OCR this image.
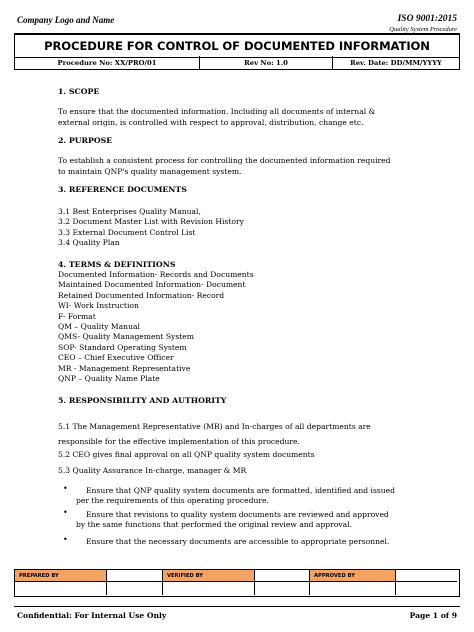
Company Logo and Name	ISO 9001:2015
Quality System Procedure
PROCEDURE FOR CONTROL OF DOCUMENTED INFORMATION
Procedure No: XX/PRO/01	Rev No: 1.0	Rev. Date: DD/MM/YYYY
1. SCOPE
To ensure that the documented information. Including all documents of internal &
external origin, is controlled with respect to approval, distribution, change etc.
2. PURPOSE
To establish a consistent process for controlling the documented information required
to maintain QNP's quality management system.
3. REFERENCE DOCUMENTS
3.1 Best Enterprises Quality Manual,
3.2 Document Master List with Revision History
3.3 External Document Control List
3.4 Quality Plan
4. TERMS & DEFINITIONS
Documented Information- Records and Documents
Maintained Documented Information- Document
Retained Documented Information- Record
WI- Work Instruction
F- Format
QM – Quality Manual
QMS- Quality Management System
SOP- Standard Operating System
CEO – Chief Executive Officer
MR - Management Representative
QNP – Quality Name Plate
5. RESPONSIBILITY AND AUTHORITY
5.1 The Management Representative (MR) and In-charges of all departments are
responsible for the effective implementation of this procedure.
5.2 CEO gives final approval on all QNP quality system documents
5.3 Quality Assurance In-charge, manager & MR
•	Ensure that QNP quality system documents are formatted, identified and issued
per the requirements of this operating procedure.
•	Ensure that revisions to quality system documents are reviewed and approved
by the same functions that performed the original review and approval.
•	Ensure that the necessary documents are accessible to appropriate personnel.
PREPARED BY	VERIFIED BY	APPROVED BY
Confidential: For Internal Use Only	Page 1 of 9
